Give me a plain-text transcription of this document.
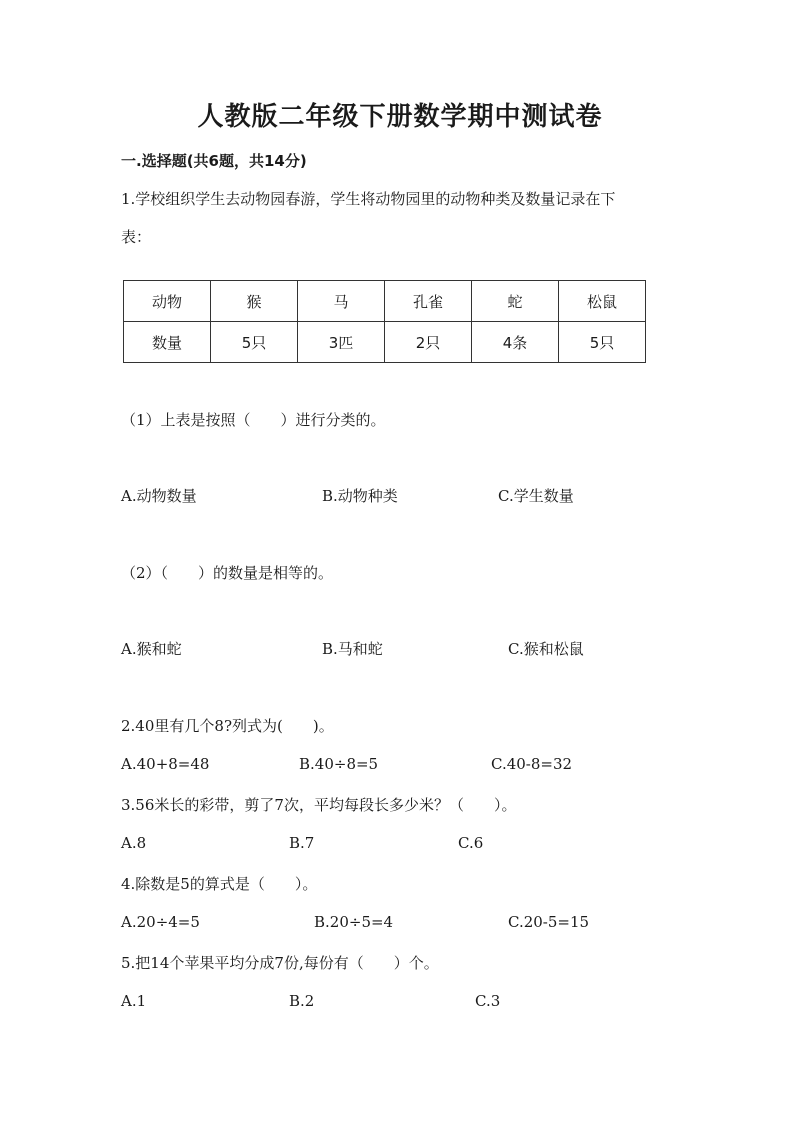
人教版二年级下册数学期中测试卷
一.选择题(共6题，共14分)
1.学校组织学生去动物园春游，学生将动物园里的动物种类及数量记录在下
表：
动物	猴	马	孔雀	蛇	松鼠
数量	5只	3匹	2只	4条	5只
（1）上表是按照（　　）进行分类的。
A.动物数量	B.动物种类	C.学生数量
（2）（　　）的数量是相等的。
A.猴和蛇	B.马和蛇	C.猴和松鼠
2.40里有几个8?列式为(　　)。
A.40+8=48	B.40÷8=5	C.40-8=32
3.56米长的彩带，剪了7次，平均每段长多少米？（　　）。
A.8	B.7	C.6
4.除数是5的算式是（　　）。
A.20÷4=5	B.20÷5=4	C.20-5=15
5.把14个苹果平均分成7份,每份有（　　）个。
A.1	B.2	C.3
